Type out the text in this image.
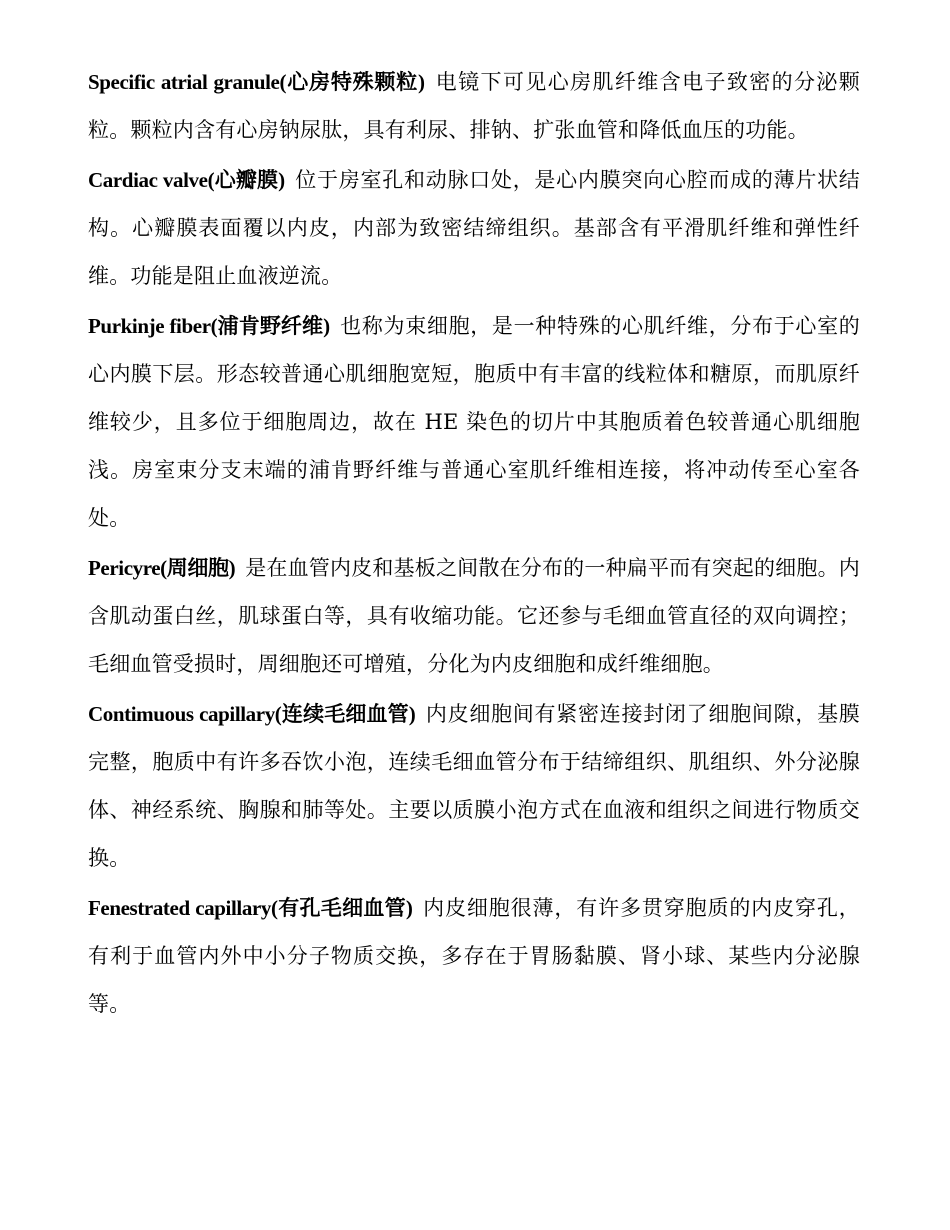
Specific atrial granule(心房特殊颗粒) 电镜下可见心房肌纤维含电子致密的分泌颗粒。颗粒内含有心房钠尿肽，具有利尿、排钠、扩张血管和降低血压的功能。

Cardiac valve(心瓣膜) 位于房室孔和动脉口处，是心内膜突向心腔而成的薄片状结构。心瓣膜表面覆以内皮，内部为致密结缔组织。基部含有平滑肌纤维和弹性纤维。功能是阻止血液逆流。

Purkinje fiber(浦肯野纤维) 也称为束细胞，是一种特殊的心肌纤维，分布于心室的心内膜下层。形态较普通心肌细胞宽短，胞质中有丰富的线粒体和糖原，而肌原纤维较少，且多位于细胞周边，故在 HE 染色的切片中其胞质着色较普通心肌细胞浅。房室束分支末端的浦肯野纤维与普通心室肌纤维相连接，将冲动传至心室各处。

Pericyre(周细胞) 是在血管内皮和基板之间散在分布的一种扁平而有突起的细胞。内含肌动蛋白丝，肌球蛋白等，具有收缩功能。它还参与毛细血管直径的双向调控；毛细血管受损时，周细胞还可增殖，分化为内皮细胞和成纤维细胞。

Contimuous capillary(连续毛细血管) 内皮细胞间有紧密连接封闭了细胞间隙，基膜完整，胞质中有许多吞饮小泡，连续毛细血管分布于结缔组织、肌组织、外分泌腺体、神经系统、胸腺和肺等处。主要以质膜小泡方式在血液和组织之间进行物质交换。

Fenestrated capillary(有孔毛细血管) 内皮细胞很薄，有许多贯穿胞质的内皮穿孔，有利于血管内外中小分子物质交换，多存在于胃肠黏膜、肾小球、某些内分泌腺等。
